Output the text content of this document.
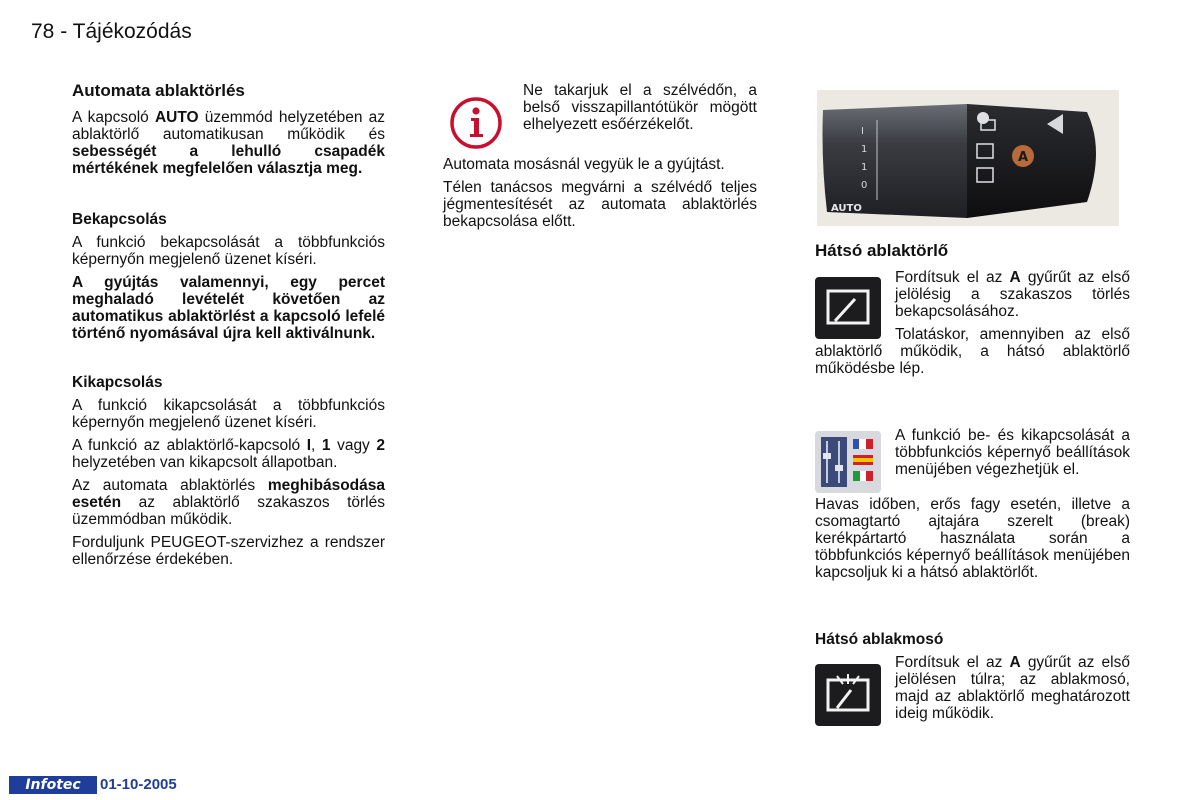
78 - Tájékozódás
Automata ablaktörlés

A kapcsoló AUTO üzemmód helyzetében az ablaktörlő automatikusan működik és sebességét a lehulló csapadék mértékének megfelelően választja meg.

Bekapcsolás

A funkció bekapcsolását a többfunkciós képernyőn megjelenő üzenet kíséri.

A gyújtás valamennyi, egy percet meghaladó levételét követően az automatikus ablaktörlést a kapcsoló lefelé történő nyomásával újra kell aktiválnunk.

Kikapcsolás

A funkció kikapcsolását a többfunkciós képernyőn megjelenő üzenet kíséri.

A funkció az ablaktörlő-kapcsoló I, 1 vagy 2 helyzetében van kikapcsolt állapotban.

Az automata ablaktörlés meghibásodása esetén az ablaktörlő szakaszos törlés üzemmódban működik.

Forduljunk PEUGEOT-szervizhez a rendszer ellenőrzése érdekében.

Ne takarjuk el a szélvédőn, a belső visszapillantótükör mögött elhelyezett esőérzékelőt.

Automata mosásnál vegyük le a gyújtást.

Télen tanácsos megvárni a szélvédő teljes jégmentesítését az automata ablaktörlés bekapcsolása előtt.

I
1
1
0
AUTO
A
Hátsó ablaktörlő

Fordítsuk el az A gyűrűt az első jelölésig a szakaszos törlés bekapcsolásához.

Tolatáskor, amennyiben az első ablaktörlő működik, a hátsó ablaktörlő működésbe lép.

A funkció be- és kikapcsolását a többfunkciós képernyő beállítások menüjében végezhetjük el.

Havas időben, erős fagy esetén, illetve a csomagtartó ajtajára szerelt (break) kerékpártartó használata során a többfunkciós képernyő beállítások menüjében kapcsoljuk ki a hátsó ablaktörlőt.

Hátsó ablakmosó

Fordítsuk el az A gyűrűt az első jelölésen túlra; az ablakmosó, majd az ablaktörlő meghatározott ideig működik.

Infotec	01-10-2005
